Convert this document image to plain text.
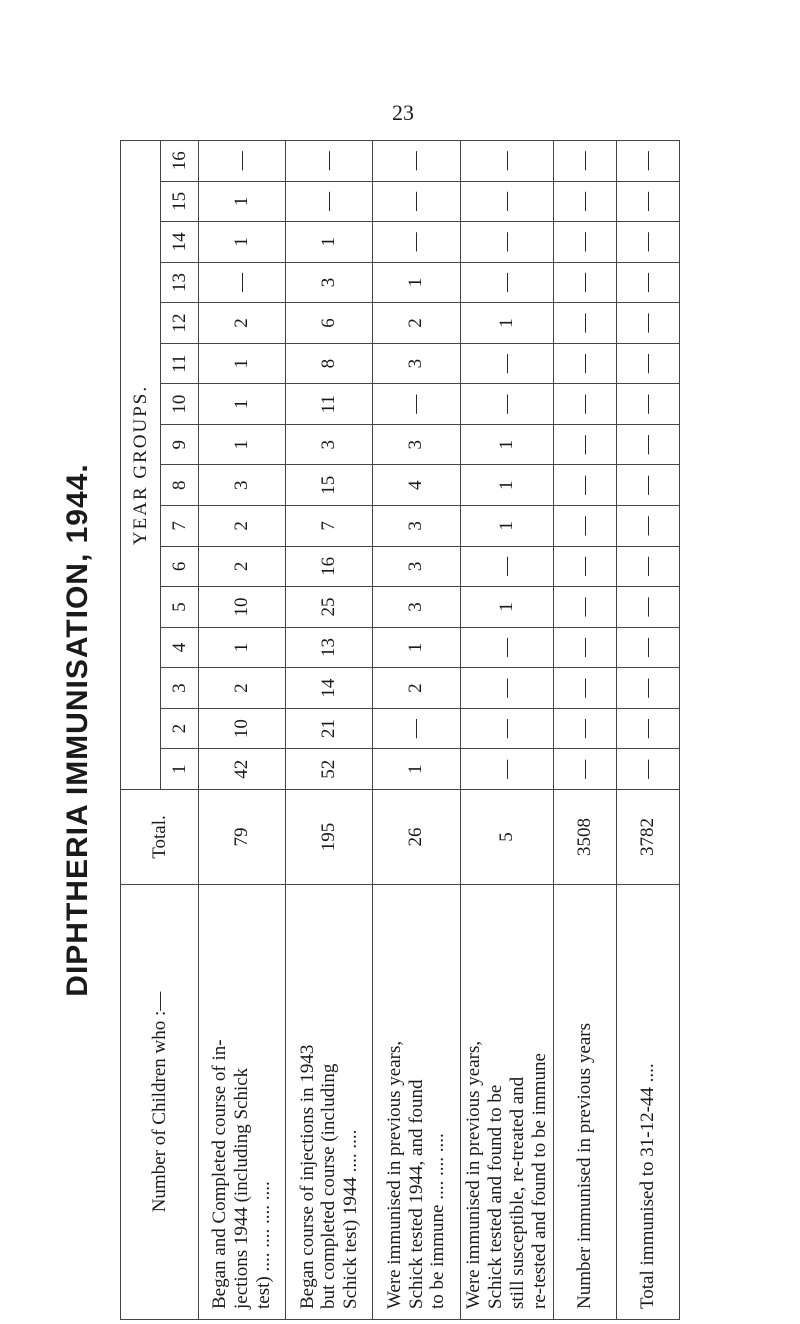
23
DIPHTHERIA IMMUNISATION, 1944.
Number of Children who :—	Total.	YEAR GROUPS.															
		1	2	3	4	5	6	7	8	9	10	11	12	13	14	15	16

Began and Completed course of in- jections 1944 (including Schick test) .... .... .... ....	79	42	10	2	1	10	2	2	3	1	1	1	2	—	1	1	—

Began course of injections in 1943 but completed course (including Schick test) 1944 .... ....	195	52	21	14	13	25	16	7	15	3	11	8	6	3	1	—	—

Were immunised in previous years, Schick tested 1944, and found to be immune .... .... ....	26	1	—	2	1	3	3	3	4	3	—	3	2	1	—	—	—

Were immunised in previous years, Schick tested and found to be still susceptible, re-treated and re-tested and found to be immune	5	—	—	—	—	1	—	1	1	1	—	—	1	—	—	—	—
Number immunised in previous years	3508	—	—	—	—	—	—	—	—	—	—	—	—	—	—	—	—
Total immunised to 31-12-44 ....	3782	—	—	—	—	—	—	—	—	—	—	—	—	—	—	—	—
